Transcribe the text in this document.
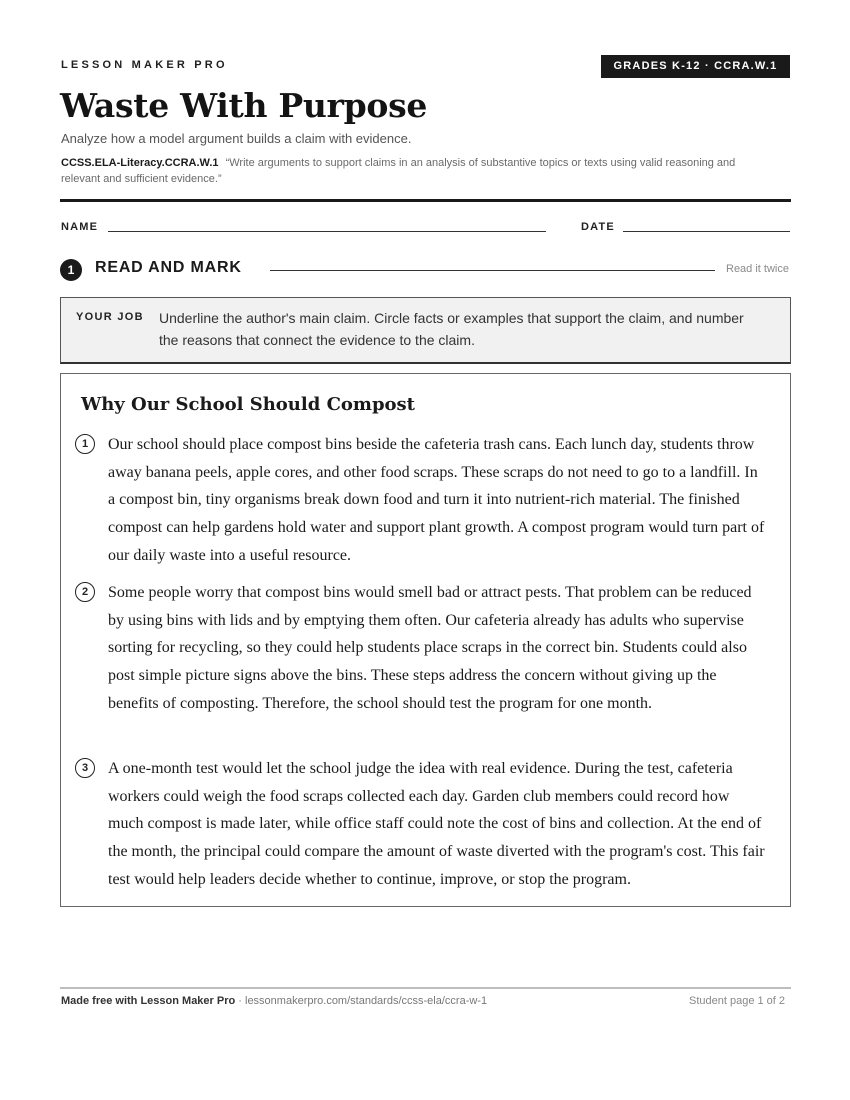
LESSON MAKER PRO	GRADES K-12 · CCRA.W.1
Waste With Purpose
Analyze how a model argument builds a claim with evidence.
CCSS.ELA-Literacy.CCRA.W.1 “Write arguments to support claims in an analysis of substantive topics or texts using valid reasoning and relevant and sufficient evidence.”
NAME	DATE
1	READ AND MARK	Read it twice
YOUR JOB Underline the author's main claim. Circle facts or examples that support the claim, and number the reasons that connect the evidence to the claim.
Why Our School Should Compost
1	Our school should place compost bins beside the cafeteria trash cans. Each lunch day, students throw away banana peels, apple cores, and other food scraps. These scraps do not need to go to a landfill. In a compost bin, tiny organisms break down food and turn it into nutrient-rich material. The finished compost can help gardens hold water and support plant growth. A compost program would turn part of our daily waste into a useful resource.
2	Some people worry that compost bins would smell bad or attract pests. That problem can be reduced by using bins with lids and by emptying them often. Our cafeteria already has adults who supervise sorting for recycling, so they could help students place scraps in the correct bin. Students could also post simple picture signs above the bins. These steps address the concern without giving up the benefits of composting. Therefore, the school should test the program for one month.
3	A one-month test would let the school judge the idea with real evidence. During the test, cafeteria workers could weigh the food scraps collected each day. Garden club members could record how much compost is made later, while office staff could note the cost of bins and collection. At the end of the month, the principal could compare the amount of waste diverted with the program's cost. This fair test would help leaders decide whether to continue, improve, or stop the program.
Made free with Lesson Maker Pro · lessonmakerpro.com/standards/ccss-ela/ccra-w-1	Student page 1 of 2
